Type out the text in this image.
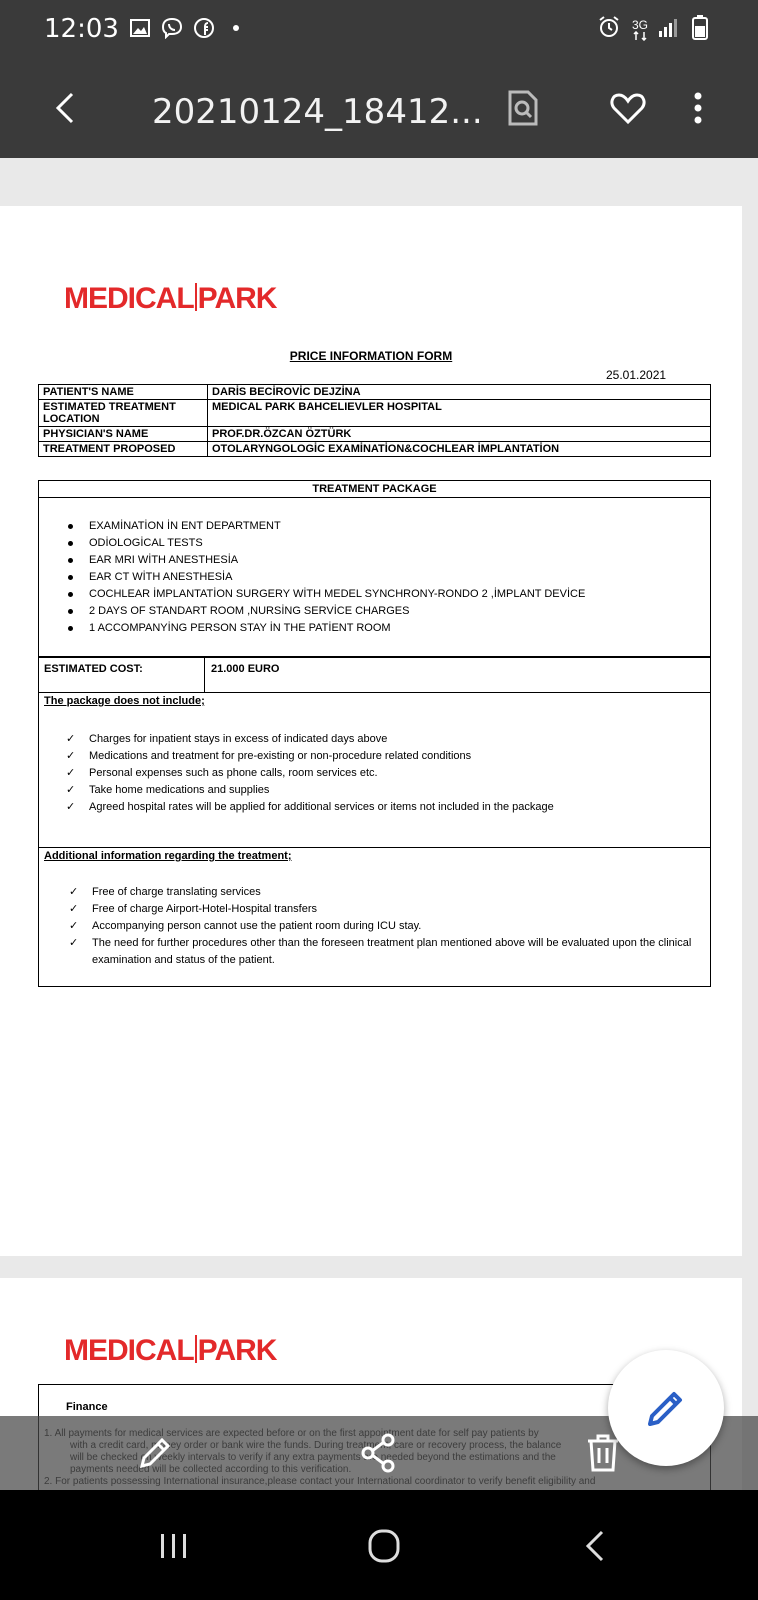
12:03	3G
20210124_18412...
MEDICAL PARK
PRICE INFORMATION FORM
25.01.2021
PATIENT'S NAME	DARİS BECİROVİC DEJZİNA
ESTIMATED TREATMENT LOCATION	MEDICAL PARK BAHCELIEVLER HOSPITAL
PHYSICIAN'S NAME	PROF.DR.ÖZCAN ÖZTÜRK
TREATMENT PROPOSED	OTOLARYNGOLOGİC EXAMİNATİON&COCHLEAR İMPLANTATİON
TREATMENT PACKAGE
EXAMİNATİON İN ENT DEPARTMENT
ODİOLOGİCAL TESTS
EAR MRI WİTH ANESTHESİA
EAR CT WİTH ANESTHESİA
COCHLEAR İMPLANTATİON SURGERY WİTH MEDEL SYNCHRONY-RONDO 2 ,İMPLANT DEVİCE
2 DAYS OF STANDART ROOM ,NURSİNG SERVİCE CHARGES
1 ACCOMPANYİNG PERSON STAY İN THE PATİENT ROOM
ESTIMATED COST:	21.000 EURO
The package does not include;
✓ Charges for inpatient stays in excess of indicated days above
✓ Medications and treatment for pre-existing or non-procedure related conditions
✓ Personal expenses such as phone calls, room services etc.
✓ Take home medications and supplies
✓ Agreed hospital rates will be applied for additional services or items not included in the package
Additional information regarding the treatment;
✓ Free of charge translating services
✓ Free of charge Airport-Hotel-Hospital transfers
✓ Accompanying person cannot use the patient room during ICU stay.
✓ The need for further procedures other than the foreseen treatment plan mentioned above will be evaluated upon the clinical examination and status of the patient.
MEDICAL PARK
Finance
